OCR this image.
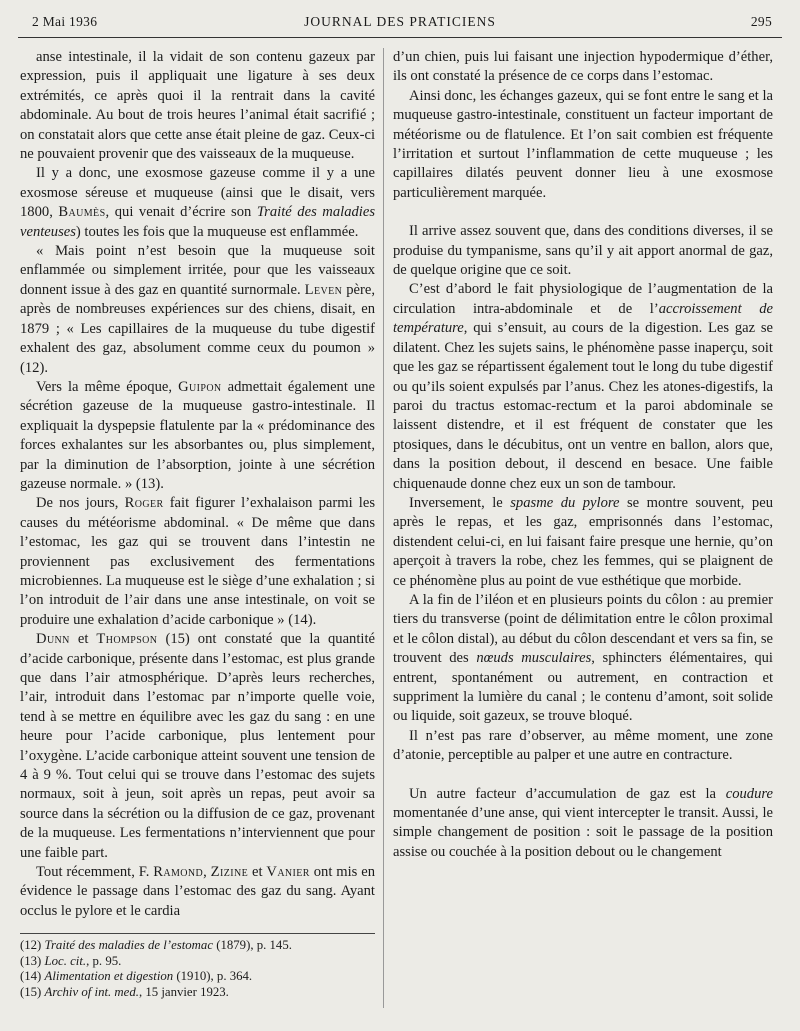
2 Mai 1936	JOURNAL DES PRATICIENS	295

anse intestinale, il la vidait de son contenu gazeux par expression, puis il appliquait une ligature à ses deux extrémités, ce après quoi il la rentrait dans la cavité abdominale. Au bout de trois heures l’animal était sacrifié ; on constatait alors que cette anse était pleine de gaz. Ceux-ci ne pouvaient provenir que des vaisseaux de la muqueuse.

Il y a donc, une exosmose gazeuse comme il y a une exosmose séreuse et muqueuse (ainsi que le disait, vers 1800, Baumès, qui venait d’écrire son Traité des maladies venteuses) toutes les fois que la muqueuse est enflammée.

« Mais point n’est besoin que la muqueuse soit enflammée ou simplement irritée, pour que les vaisseaux donnent issue à des gaz en quantité surnormale. Leven père, après de nombreuses expériences sur des chiens, disait, en 1879 ; « Les capillaires de la muqueuse du tube digestif exhalent des gaz, absolument comme ceux du poumon » (12).

Vers la même époque, Guipon admettait également une sécrétion gazeuse de la muqueuse gastro-intestinale. Il expliquait la dyspepsie flatulente par la « prédominance des forces exhalantes sur les absorbantes ou, plus simplement, par la diminution de l’absorption, jointe à une sécrétion gazeuse normale. » (13).

De nos jours, Roger fait figurer l’exhalaison parmi les causes du météorisme abdominal. « De même que dans l’estomac, les gaz qui se trouvent dans l’intestin ne proviennent pas exclusivement des fermentations microbiennes. La muqueuse est le siège d’une exhalation ; si l’on introduit de l’air dans une anse intestinale, on voit se produire une exhalation d’acide carbonique » (14).

Dunn et Thompson (15) ont constaté que la quantité d’acide carbonique, présente dans l’estomac, est plus grande que dans l’air atmosphérique. D’après leurs recherches, l’air, introduit dans l’estomac par n’importe quelle voie, tend à se mettre en équilibre avec les gaz du sang : en une heure pour l’acide carbonique, plus lentement pour l’oxygène. L’acide carbonique atteint souvent une tension de 4 à 9 %. Tout celui qui se trouve dans l’estomac des sujets normaux, soit à jeun, soit après un repas, peut avoir sa source dans la sécrétion ou la diffusion de ce gaz, provenant de la muqueuse. Les fermentations n’interviennent que pour une faible part.

Tout récemment, F. Ramond, Zizine et Vanier ont mis en évidence le passage dans l’estomac des gaz du sang. Ayant occlus le pylore et le cardia

d’un chien, puis lui faisant une injection hypodermique d’éther, ils ont constaté la présence de ce corps dans l’estomac.

Ainsi donc, les échanges gazeux, qui se font entre le sang et la muqueuse gastro-intestinale, constituent un facteur important de météorisme ou de flatulence. Et l’on sait combien est fréquente l’irritation et surtout l’inflammation de cette muqueuse ; les capillaires dilatés peuvent donner lieu à une exosmose particulièrement marquée.

Il arrive assez souvent que, dans des conditions diverses, il se produise du tympanisme, sans qu’il y ait apport anormal de gaz, de quelque origine que ce soit.

C’est d’abord le fait physiologique de l’augmentation de la circulation intra-abdominale et de l’accroissement de température, qui s’ensuit, au cours de la digestion. Les gaz se dilatent. Chez les sujets sains, le phénomène passe inaperçu, soit que les gaz se répartissent également tout le long du tube digestif ou qu’ils soient expulsés par l’anus. Chez les atones-digestifs, la paroi du tractus estomac-rectum et la paroi abdominale se laissent distendre, et il est fréquent de constater que les ptosiques, dans le décubitus, ont un ventre en ballon, alors que, dans la position debout, il descend en besace. Une faible chiquenaude donne chez eux un son de tambour.

Inversement, le spasme du pylore se montre souvent, peu après le repas, et les gaz, emprisonnés dans l’estomac, distendent celui-ci, en lui faisant faire presque une hernie, qu’on aperçoit à travers la robe, chez les femmes, qui se plaignent de ce phénomène plus au point de vue esthétique que morbide.

A la fin de l’iléon et en plusieurs points du côlon : au premier tiers du transverse (point de délimitation entre le côlon proximal et le côlon distal), au début du côlon descendant et vers sa fin, se trouvent des nœuds musculaires, sphincters élémentaires, qui entrent, spontanément ou autrement, en contraction et suppriment la lumière du canal ; le contenu d’amont, soit solide ou liquide, soit gazeux, se trouve bloqué.

Il n’est pas rare d’observer, au même moment, une zone d’atonie, perceptible au palper et une autre en contracture.

Un autre facteur d’accumulation de gaz est la coudure momentanée d’une anse, qui vient intercepter le transit. Aussi, le simple changement de position : soit le passage de la position assise ou couchée à la position debout ou le changement

(12) Traité des maladies de l’estomac (1879), p. 145.
(13) Loc. cit., p. 95.
(14) Alimentation et digestion (1910), p. 364.
(15) Archiv of int. med., 15 janvier 1923.
